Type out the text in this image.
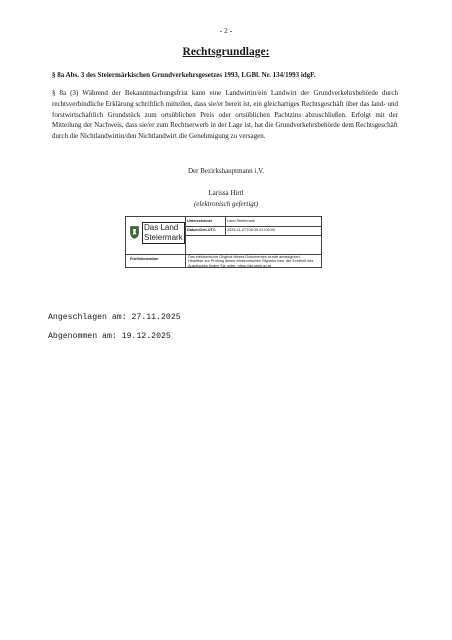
- 2 -
Rechtsgrundlage:
§ 8a Abs. 3 des Steiermärkischen Grundverkehrsgesetzes 1993, LGBl. Nr. 134/1993 idgF.
§ 8a (3) Während der Bekanntmachungsfrist kann eine Landwirtin/ein Landwirt der Grundverkehrsbehörde durch rechtsverbindliche Erklärung schriftlich mitteilen, dass sie/er bereit ist, ein gleichartiges Rechtsgeschäft über das land- und forstwirtschaftlich Grundstück zum ortsüblichen Preis oder ortsüblichen Pachtzins abzuschließen. Erfolgt mit der Mitteilung der Nachweis, dass sie/er zum Rechtserwerb in der Lage ist, hat die Grundverkehrsbehörde dem Rechtsgeschäft durch die Nichtlandwirtin/den Nichtlandwirt die Genehmigung zu versagen.
Der Bezirkshauptmann i.V.
Larissa Hirtl
(elektronisch gefertigt)
Das Land
Steiermark
Unterzeichner	Land Steiermark
Datum/Zeit-UTC	2025-11-27T08:39:41+00:00
Prüfinformation	Das elektronische Original dieses Dokumentes wurde amtssigniert. Hinweise zur Prüfung dieser elektronischen Signatur bzw. der Echtheit des Ausdruckes finden Sie unter: https://as.stmk.gv.at
Angeschlagen am: 27.11.2025
Abgenommen am: 19.12.2025
